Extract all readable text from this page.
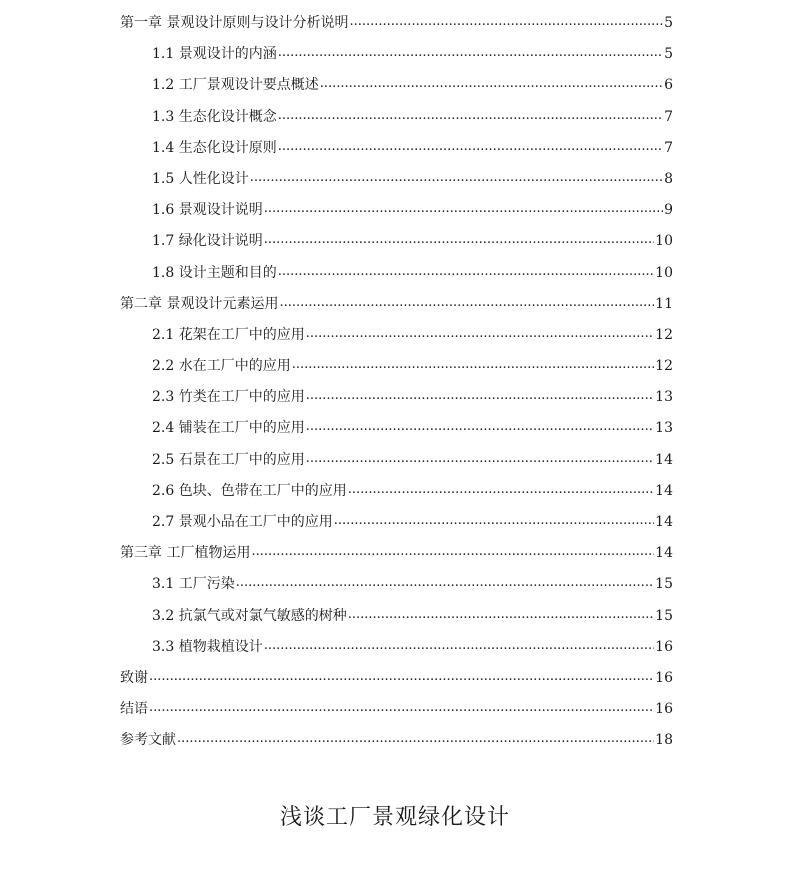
第一章 景观设计原则与设计分析说明 .....	5
1.1 景观设计的内涵 .....	5
1.2 工厂景观设计要点概述 .....	6
1.3 生态化设计概念 .....	7
1.4 生态化设计原则 .....	7
1.5 人性化设计 .....	8
1.6 景观设计说明 .....	9
1.7 绿化设计说明 .....	10
1.8 设计主题和目的 .....	10
第二章 景观设计元素运用 .....	11
2.1 花架在工厂中的应用 .....	12
2.2 水在工厂中的应用 .....	12
2.3 竹类在工厂中的应用 .....	13
2.4 铺装在工厂中的应用 .....	13
2.5 石景在工厂中的应用 .....	14
2.6 色块、色带在工厂中的应用 .....	14
2.7 景观小品在工厂中的应用 .....	14
第三章 工厂植物运用 .....	14
3.1 工厂污染 .....	15
3.2 抗氯气或对氯气敏感的树种 .....	15
3.3 植物栽植设计 .....	16
致谢 .....	16
结语 .....	16
参考文献 .....	18
浅谈工厂景观绿化设计
